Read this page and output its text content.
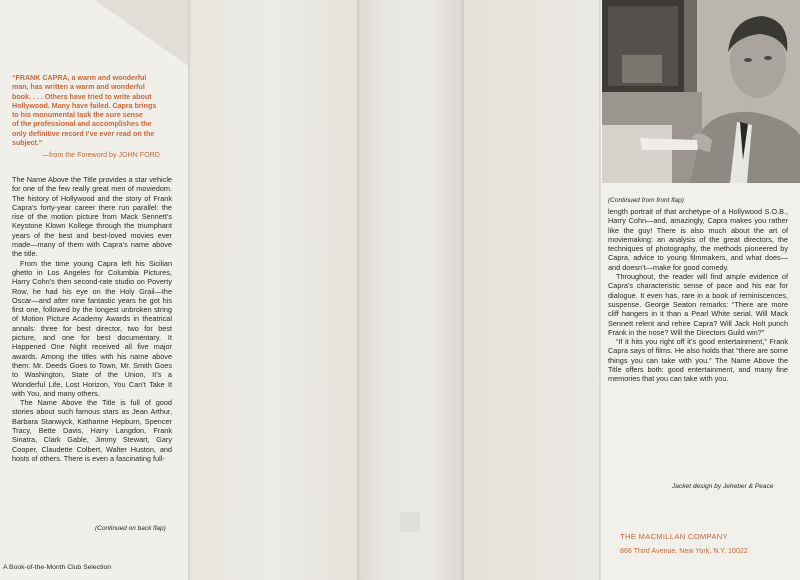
“FRANK CAPRA, a warm and wonderful
man, has written a warm and wonderful
book. . . . Others have tried to write about
Hollywood. Many have failed. Capra brings
to his monumental task the sure sense
of the professional and accomplishes the
only definitive record I’ve ever read on the
subject.”
—from the Foreword by JOHN FORD

The Name Above the Title provides a star vehicle for one of the few really great men of moviedom. The history of Hollywood and the story of Frank Capra’s forty-year career there run parallel: the rise of the motion picture from Mack Sennett’s Keystone Klown Kollege through the triumphant years of the best and best-loved movies ever made—many of them with Capra’s name above the title.

From the time young Capra left his Sicilian ghetto in Los Angeles for Columbia Pictures, Harry Cohn’s then second-rate studio on Poverty Row, he had his eye on the Holy Grail—the Oscar—and after nine fantastic years he got his first one, followed by the longest unbroken string of Motion Picture Academy Awards in theatrical annals: three for best director, two for best picture, and one for best documentary. It Happened One Night received all five major awards. Among the titles with his name above them: Mr. Deeds Goes to Town, Mr. Smith Goes to Washington, State of the Union, It’s a Wonderful Life, Lost Horizon, You Can’t Take It with You, and many others.

The Name Above the Title is full of good stories about such famous stars as Jean Arthur, Barbara Stanwyck, Katharine Hepburn, Spencer Tracy, Bette Davis, Harry Langdon, Frank Sinatra, Clark Gable, Jimmy Stewart, Gary Cooper, Claudette Colbert, Walter Huston, and hosts of others. There is even a fascinating full-

(Continued on back flap)
A Book-of-the-Month Club Selection
(Continued from front flap)

length portrait of that archetype of a Hollywood S.O.B., Harry Cohn—and, amazingly, Capra makes you rather like the guy! There is also much about the art of moviemaking: an analysis of the great directors, the techniques of photography, the methods pioneered by Capra, advice to young filmmakers, and what does—and doesn’t—make for good comedy.

Throughout, the reader will find ample evidence of Capra’s characteristic sense of pace and his ear for dialogue. It even has, rare in a book of reminiscences, suspense. George Seaton remarks: “There are more cliff hangers in it than a Pearl White serial. Will Mack Sennett relent and rehire Capra? Will Jack Holt punch Frank in the nose? Will the Directors Guild win?”

“If it hits you right off it’s good entertainment,” Frank Capra says of films. He also holds that “there are some things you can take with you.” The Name Above the Title offers both: good entertainment, and many fine memories that you can take with you.

Jacket design by Jeheber & Peace
THE MACMILLAN COMPANY
866 Third Avenue, New York, N.Y. 10022
